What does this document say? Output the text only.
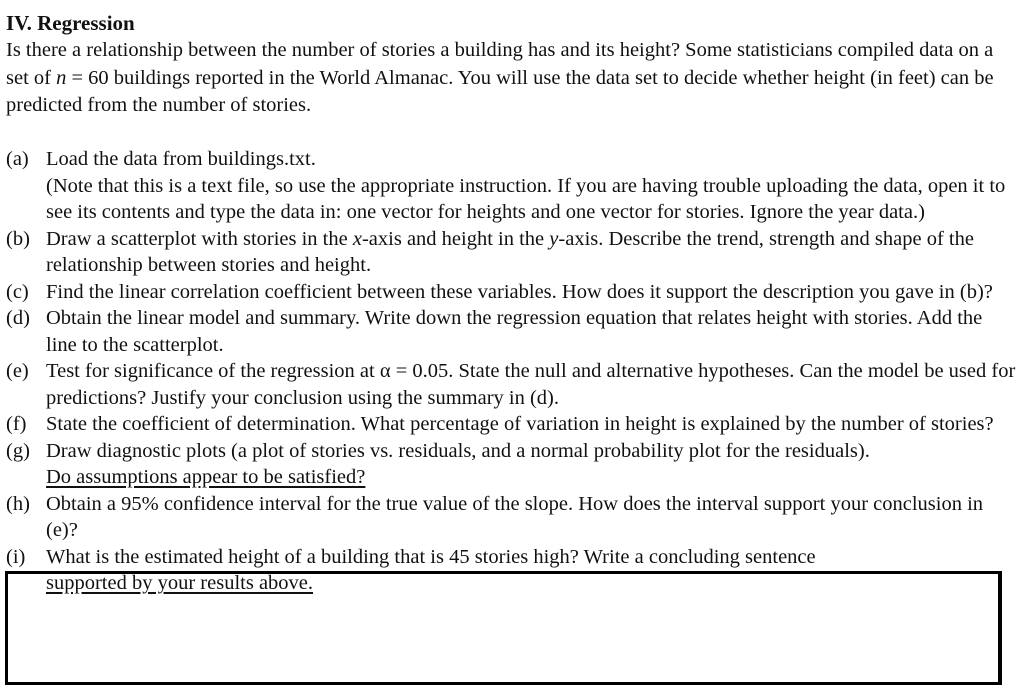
IV. Regression

Is there a relationship between the number of stories a building has and its height? Some statisticians compiled data on a set of n = 60 buildings reported in the World Almanac. You will use the data set to decide whether height (in feet) can be predicted from the number of stories.

(a) Load the data from buildings.txt.
(Note that this is a text file, so use the appropriate instruction. If you are having trouble uploading the data, open it to see its contents and type the data in: one vector for heights and one vector for stories. Ignore the year data.)
(b) Draw a scatterplot with stories in the x-axis and height in the y-axis. Describe the trend, strength and shape of the relationship between stories and height.
(c) Find the linear correlation coefficient between these variables. How does it support the description you gave in (b)?
(d) Obtain the linear model and summary. Write down the regression equation that relates height with stories. Add the line to the scatterplot.
(e) Test for significance of the regression at α = 0.05. State the null and alternative hypotheses. Can the model be used for predictions? Justify your conclusion using the summary in (d).
(f) State the coefficient of determination. What percentage of variation in height is explained by the number of stories?
(g) Draw diagnostic plots (a plot of stories vs. residuals, and a normal probability plot for the residuals).
Do assumptions appear to be satisfied?
(h) Obtain a 95% confidence interval for the true value of the slope. How does the interval support your conclusion in (e)?
(i) What is the estimated height of a building that is 45 stories high? Write a concluding sentence
supported by your results above.
